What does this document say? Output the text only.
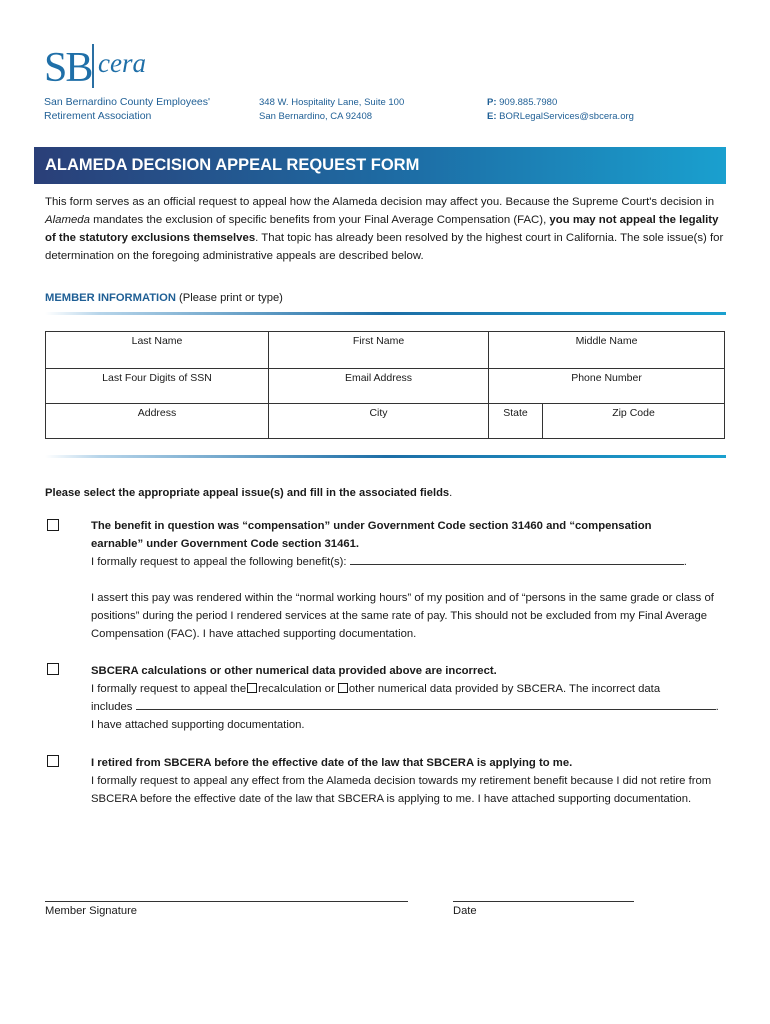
SB cera
San Bernardino County Employees'
Retirement Association
348 W. Hospitality Lane, Suite 100
San Bernardino, CA 92408
P: 909.885.7980
E: BORLegalServices@sbcera.org
ALAMEDA DECISION APPEAL REQUEST FORM
This form serves as an official request to appeal how the Alameda decision may affect you. Because the Supreme Court's decision in Alameda mandates the exclusion of specific benefits from your Final Average Compensation (FAC), you may not appeal the legality of the statutory exclusions themselves. That topic has already been resolved by the highest court in California. The sole issue(s) for determination on the foregoing administrative appeals are described below.
MEMBER INFORMATION (Please print or type)
Last Name	First Name	Middle Name
Last Four Digits of SSN	Email Address	Phone Number
Address	City	State	Zip Code
Please select the appropriate appeal issue(s) and fill in the associated fields.
The benefit in question was “compensation” under Government Code section 31460 and “compensation
earnable” under Government Code section 31461.
I formally request to appeal the following benefit(s):	.
I assert this pay was rendered within the “normal working hours” of my position and of “persons in the same grade or class of positions” during the period I rendered services at the same rate of pay. This should not be excluded from my Final Average Compensation (FAC). I have attached supporting documentation.
SBCERA calculations or other numerical data provided above are incorrect.
I formally request to appeal the recalculation or other numerical data provided by SBCERA. The incorrect data
includes	.
I have attached supporting documentation.
I retired from SBCERA before the effective date of the law that SBCERA is applying to me.
I formally request to appeal any effect from the Alameda decision towards my retirement benefit because I did not retire from SBCERA before the effective date of the law that SBCERA is applying to me. I have attached supporting documentation.
Member Signature	Date
